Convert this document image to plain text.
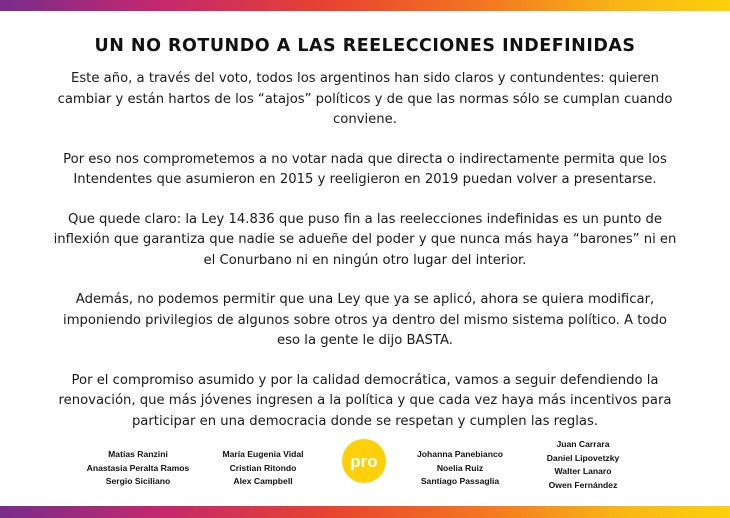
UN NO ROTUNDO A LAS REELECCIONES INDEFINIDAS

Este año, a través del voto, todos los argentinos han sido claros y contundentes: quieren cambiar y están hartos de los “atajos” políticos y de que las normas sólo se cumplan cuando conviene.

Por eso nos comprometemos a no votar nada que directa o indirectamente permita que los Intendentes que asumieron en 2015 y reeligieron en 2019 puedan volver a presentarse.

Que quede claro: la Ley 14.836 que puso fin a las reelecciones indefinidas es un punto de inflexión que garantiza que nadie se adueñe del poder y que nunca más haya “barones” ni en el Conurbano ni en ningún otro lugar del interior.

Además, no podemos permitir que una Ley que ya se aplicó, ahora se quiera modificar, imponiendo privilegios de algunos sobre otros ya dentro del mismo sistema político. A todo eso la gente le dijo BASTA.

Por el compromiso asumido y por la calidad democrática, vamos a seguir defendiendo la renovación, que más jóvenes ingresen a la política y que cada vez haya más incentivos para participar en una democracia donde se respetan y cumplen las reglas.

Matías Ranzini
Anastasia Peralta Ramos
Sergio Siciliano
María Eugenia Vidal
Cristian Ritondo
Alex Campbell
pro	Johanna Panebianco
Noelia Ruiz
Santiago Passaglia
Juan Carrara
Daniel Lipovetzky
Walter Lanaro
Owen Fernández
